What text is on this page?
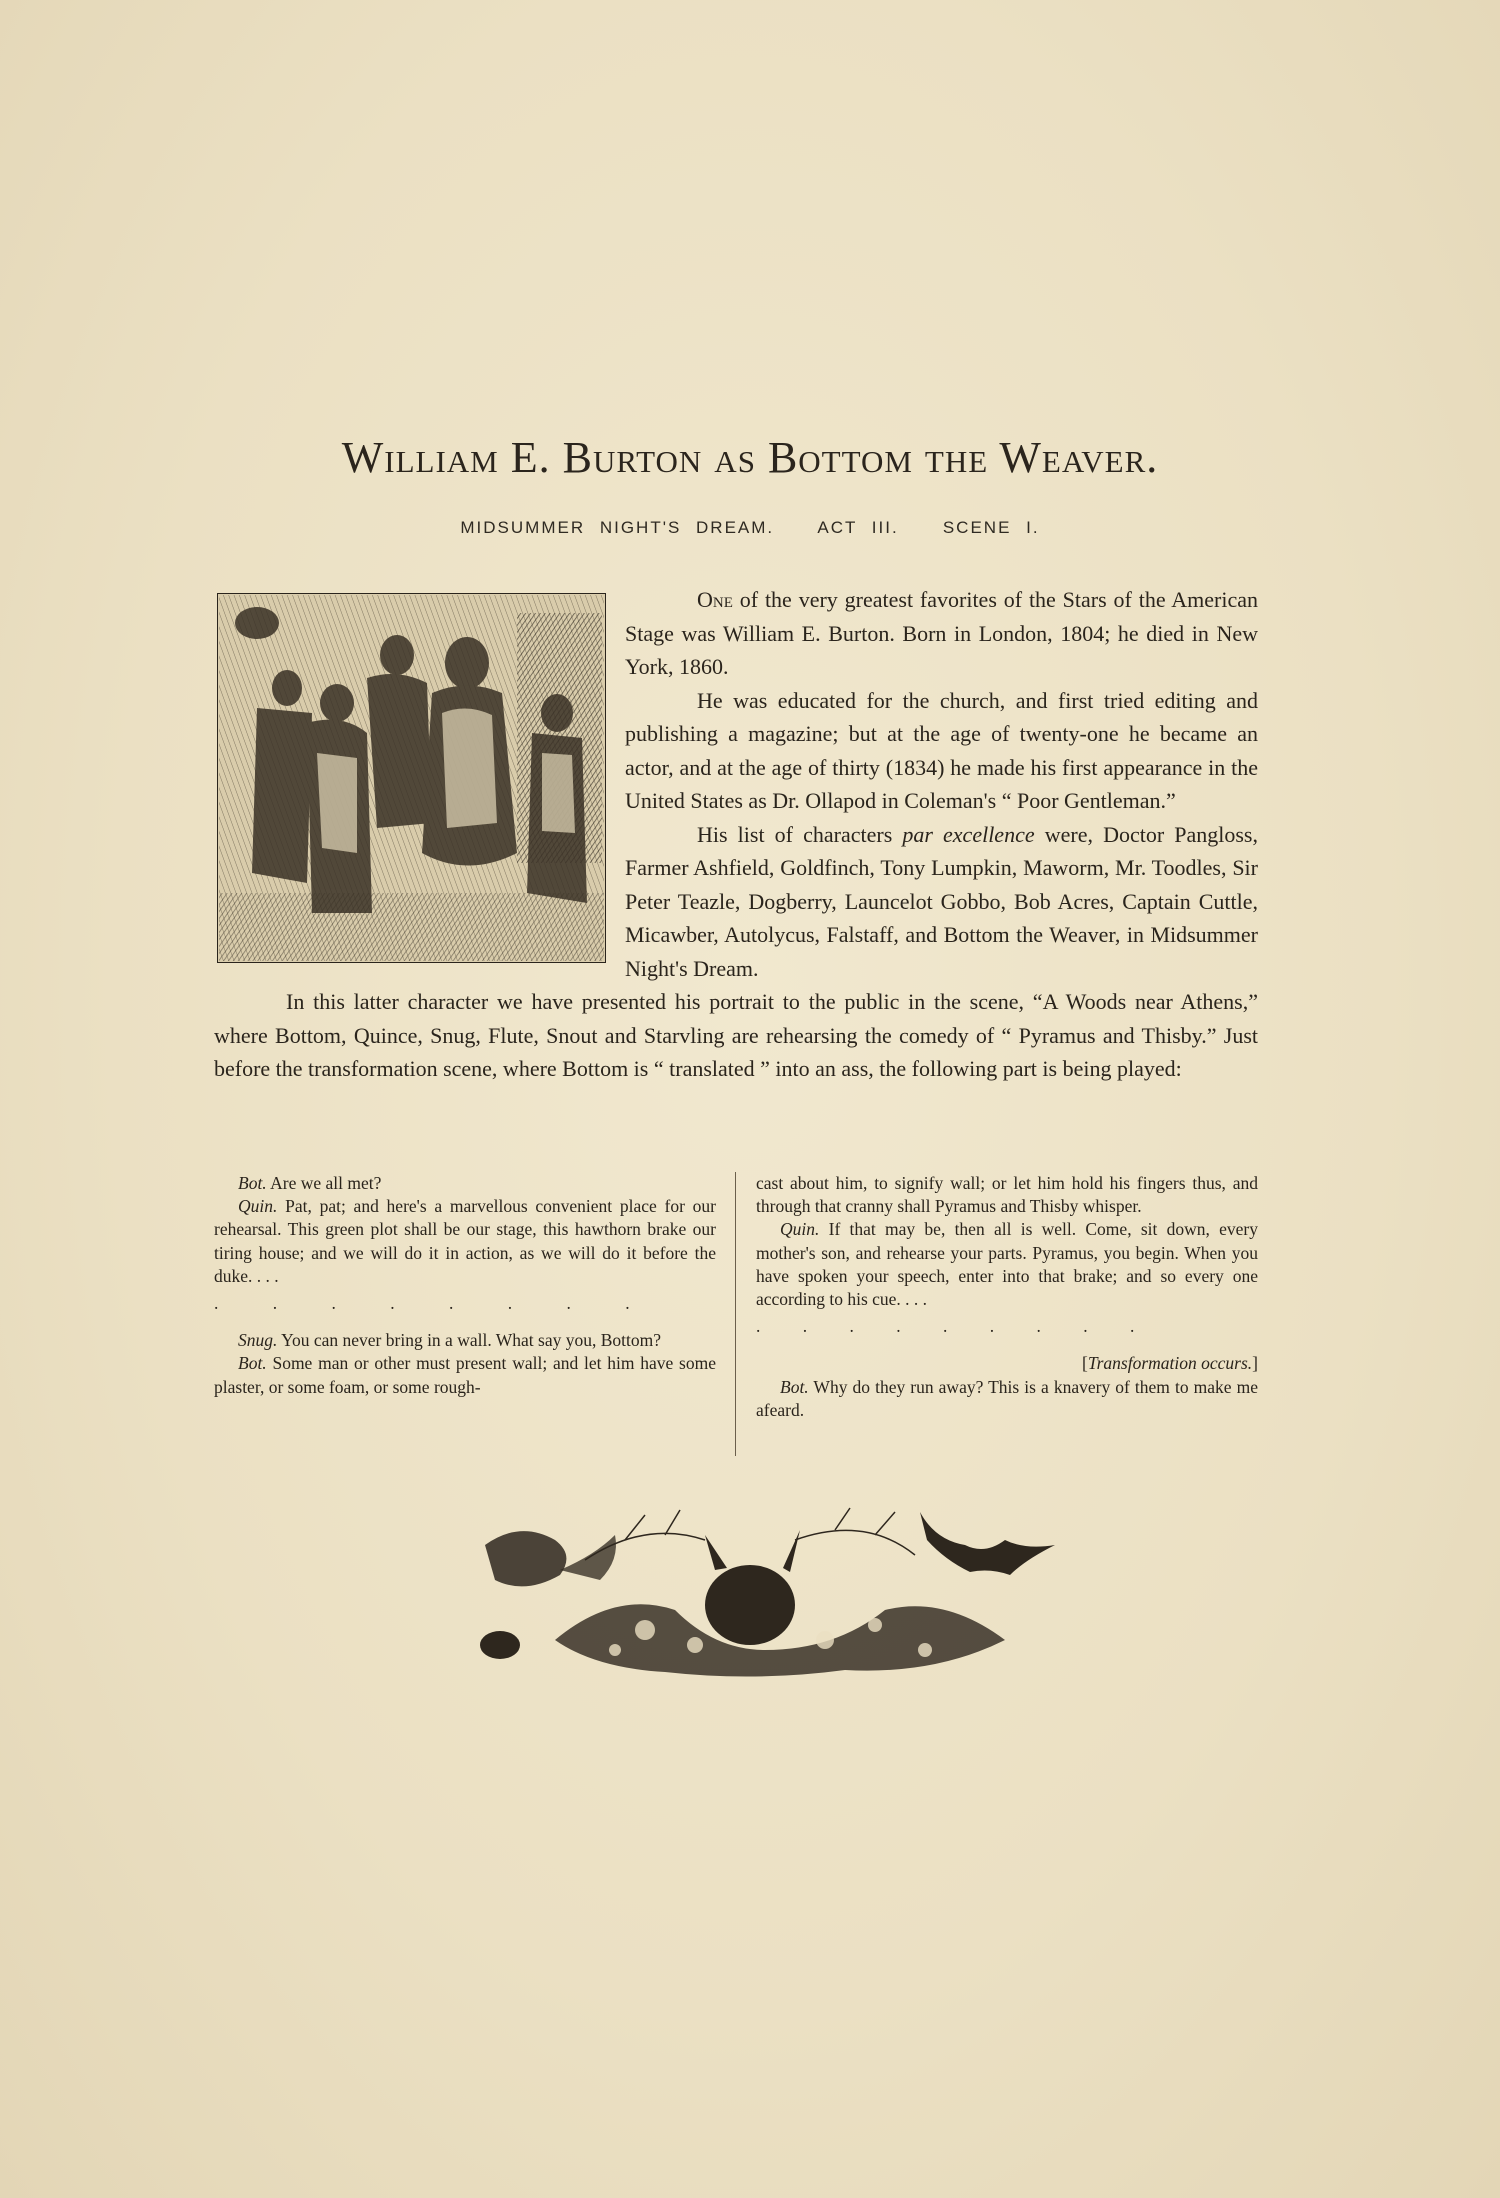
William E. Burton as Bottom the Weaver.
MIDSUMMER NIGHT'S DREAM.   ACT III.   SCENE I.

One of the very greatest favorites of the Stars of the American Stage was William E. Burton. Born in London, 1804; he died in New York, 1860.

He was educated for the church, and first tried editing and publishing a magazine; but at the age of twenty-one he became an actor, and at the age of thirty (1834) he made his first appearance in the United States as Dr. Ollapod in Coleman's “ Poor Gentleman.”

His list of characters par excellence were, Doctor Pangloss, Farmer Ashfield, Goldfinch, Tony Lumpkin, Maworm, Mr. Toodles, Sir Peter Teazle, Dogberry, Launcelot Gobbo, Bob Acres, Captain Cuttle, Micawber, Autolycus, Falstaff, and Bottom the Weaver, in Midsummer Night's Dream.

In this latter character we have presented his portrait to the public in the scene, “A Woods near Athens,” where Bottom, Quince, Snug, Flute, Snout and Starvling are rehearsing the comedy of “ Pyramus and Thisby.” Just before the transformation scene, where Bottom is “ translated ” into an ass, the following part is being played:

Bot. Are we all met?

Quin. Pat, pat; and here's a marvellous convenient place for our rehearsal. This green plot shall be our stage, this hawthorn brake our tiring house; and we will do it in action, as we will do it before the duke. . . .

. . . . . . . .

Snug. You can never bring in a wall. What say you, Bottom?

Bot. Some man or other must present wall; and let him have some plaster, or some foam, or some rough-

cast about him, to signify wall; or let him hold his fingers thus, and through that cranny shall Pyramus and Thisby whisper.

Quin. If that may be, then all is well. Come, sit down, every mother's son, and rehearse your parts. Pyramus, you begin. When you have spoken your speech, enter into that brake; and so every one according to his cue. . . .

. . . . . . . . .

[Transformation occurs.]

Bot. Why do they run away? This is a knavery of them to make me afeard.
